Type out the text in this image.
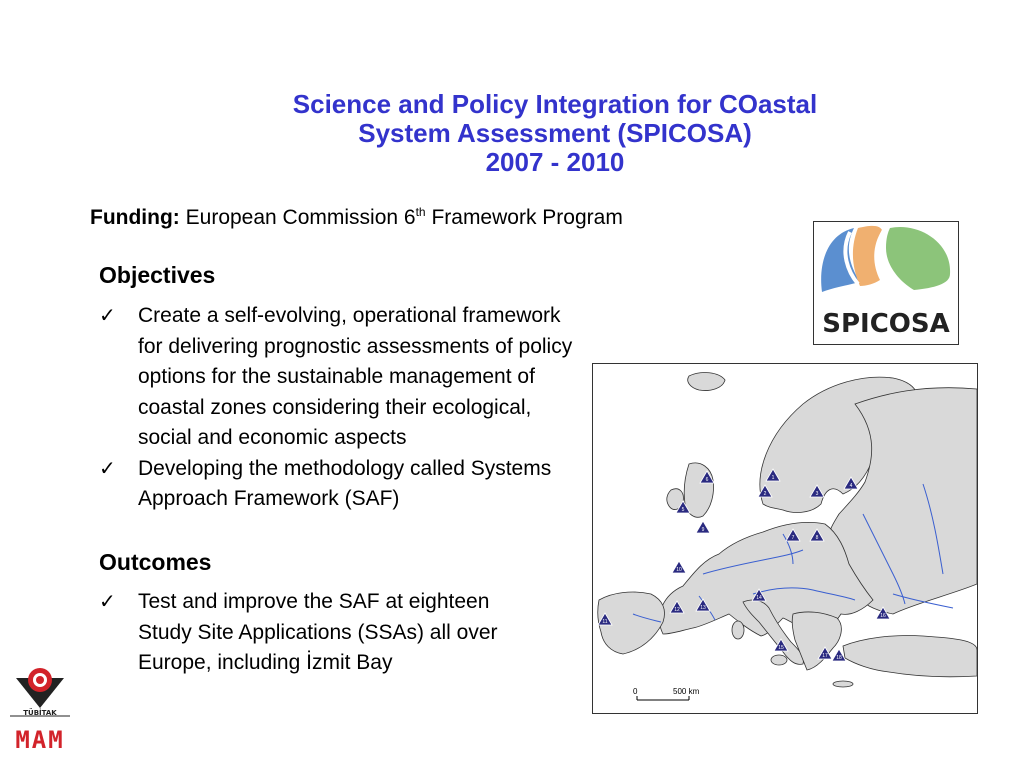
Science and Policy Integration for COastal
System Assessment (SPICOSA)
2007 - 2010
Funding: European Commission 6th Framework Program
Objectives
✓ Create a self-evolving, operational framework for delivering prognostic assessments of policy options for the sustainable management of coastal zones considering their ecological, social and economic aspects
✓ Developing the methodology called Systems Approach Framework (SAF)
Outcomes
✓ Test and improve the SAF at eighteen Study Site Applications (SSAs) all over Europe, including İzmit Bay
SPICOSA
1
2	3
4
5
6
7	8
9
10
11
12	13
14
15
16
17 18
0	500 km
TÜBİTAK
MAM
